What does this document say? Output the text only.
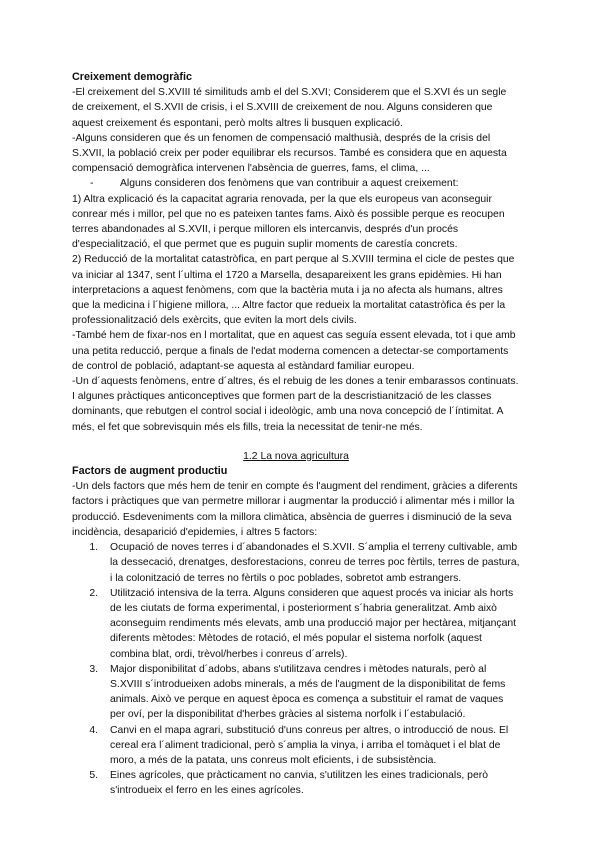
Creixement demogràfic

-El creixement del S.XVIII té similituds amb el del S.XVI; Considerem que el S.XVI és un segle de creixement, el S.XVII de crisis, i el S.XVIII de creixement de nou. Alguns consideren que aquest creixement és espontani, però molts altres li busquen explicació.

-Alguns consideren que és un fenomen de compensació malthusià, després de la crisis del S.XVII, la població creix per poder equilibrar els recursos. També es considera que en aquesta compensació demogràfica intervenen l'absència de guerres, fams, el clima, ...

-	Alguns consideren dos fenòmens que van contribuir a aquest creixement:

1) Altra explicació és la capacitat agraria renovada, per la que els europeus van aconseguir conrear més i millor, pel que no es pateixen tantes fams. Això és possible perque es reocupen terres abandonades al S.XVII, i perque milloren els intercanvis, després d'un procés d'especialització, el que permet que es puguin suplir moments de carestía concrets.

2) Reducció de la mortalitat catastròfica, en part perque al S.XVIII termina el cicle de pestes que va iniciar al 1347, sent l´ultima el 1720 a Marsella, desapareixent les grans epidèmies. Hi han interpretacions a aquest fenòmens, com que la bactèria muta i ja no afecta als humans, altres que la medicina i l´higiene millora, ... Altre factor que redueix la mortalitat catastròfica és per la professionalització dels exèrcits, que eviten la mort dels civils.

-També hem de fixar-nos en l mortalitat, que en aquest cas seguía essent elevada, tot i que amb una petita reducció, perque a finals de l'edat moderna comencen a detectar-se comportaments de control de població, adaptant-se aquesta al estàndard familiar europeu.

-Un d´aquests fenòmens, entre d´altres, és el rebuig de les dones a tenir embarassos continuats. I algunes pràctiques anticonceptives que formen part de la descristianització de les classes dominants, que rebutgen el control social i ideològic, amb una nova concepció de l´íntimitat. A més, el fet que sobrevisquin més els fills, treia la necessitat de tenir-ne més.

1.2 La nova agricultura

Factors de augment productiu

-Un dels factors que més hem de tenir en compte és l'augment del rendiment, gràcies a diferents factors i pràctiques que van permetre millorar i augmentar la producció i alimentar més i millor la producció. Esdeveniments com la millora climàtica, absència de guerres i disminució de la seva incidència, desaparició d'epidemies, i altres 5 factors:

1.	Ocupació de noves terres i d´abandonades el S.XVII. S´amplia el terreny cultivable, amb la dessecació, drenatges, desforestacions, conreu de terres poc fèrtils, terres de pastura, i la colonització de terres no fèrtils o poc poblades, sobretot amb estrangers.
2.	Utilització intensiva de la terra. Alguns consideren que aquest procés va iniciar als horts de les ciutats de forma experimental, i posteriorment s´habria generalitzat. Amb això aconseguim rendiments més elevats, amb una producció major per hectàrea, mitjançant diferents mètodes: Mètodes de rotació, el més popular el sistema norfolk (aquest combina blat, ordi, trèvol/herbes i conreus d´arrels).
3.	Major disponibilitat d´adobs, abans s'utilitzava cendres i mètodes naturals, però al S.XVIII s´introdueixen adobs minerals, a més de l'augment de la disponibilitat de fems animals. Això ve perque en aquest època es comença a substituir el ramat de vaques per oví, per la disponibilitat d'herbes gràcies al sistema norfolk i l´estabulació.
4.	Canvi en el mapa agrari, substitució d'uns conreus per altres, o introducció de nous. El cereal era l´aliment tradicional, però s´amplia la vinya, i arriba el tomàquet i el blat de moro, a més de la patata, uns conreus molt eficients, i de subsistència.
5.	Eines agrícoles, que pràcticament no canvia, s'utilitzen les eines tradicionals, però s'introdueix el ferro en les eines agrícoles.
